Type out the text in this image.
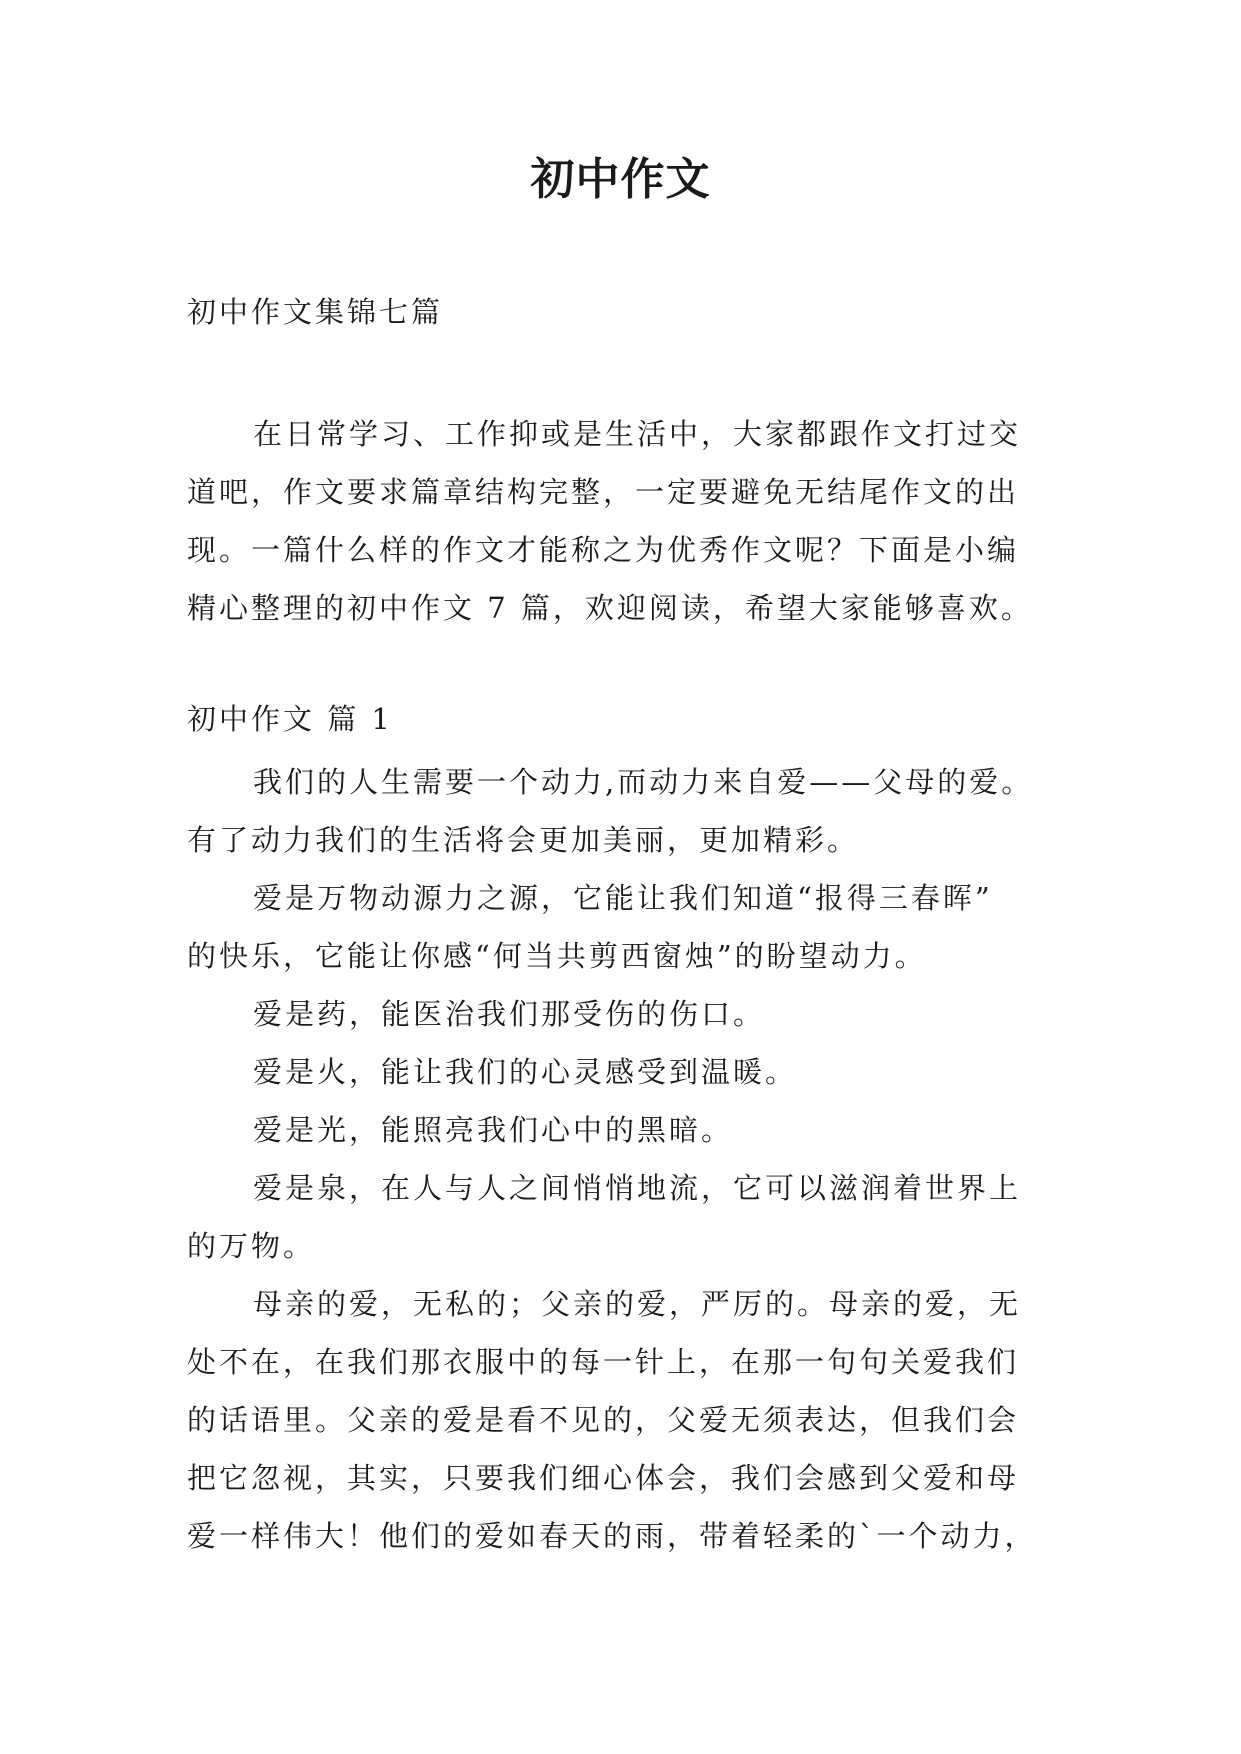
初中作文

初中作文集锦七篇

在日常学习、工作抑或是生活中，大家都跟作文打过交
道吧，作文要求篇章结构完整，一定要避免无结尾作文的出
现。一篇什么样的作文才能称之为优秀作文呢？下面是小编
精心整理的初中作文 7 篇，欢迎阅读，希望大家能够喜欢。

初中作文 篇 1

我们的人生需要一个动力,而动力来自爱——父母的爱。
有了动力我们的生活将会更加美丽，更加精彩。
爱是万物动源力之源，它能让我们知道“报得三春晖”
的快乐，它能让你感“何当共剪西窗烛”的盼望动力。
爱是药，能医治我们那受伤的伤口。
爱是火，能让我们的心灵感受到温暖。
爱是光，能照亮我们心中的黑暗。
爱是泉，在人与人之间悄悄地流，它可以滋润着世界上
的万物。
母亲的爱，无私的；父亲的爱，严厉的。母亲的爱，无
处不在，在我们那衣服中的每一针上，在那一句句关爱我们
的话语里。父亲的爱是看不见的，父爱无须表达，但我们会
把它忽视，其实，只要我们细心体会，我们会感到父爱和母
爱一样伟大！他们的爱如春天的雨，带着轻柔的`一个动力，
